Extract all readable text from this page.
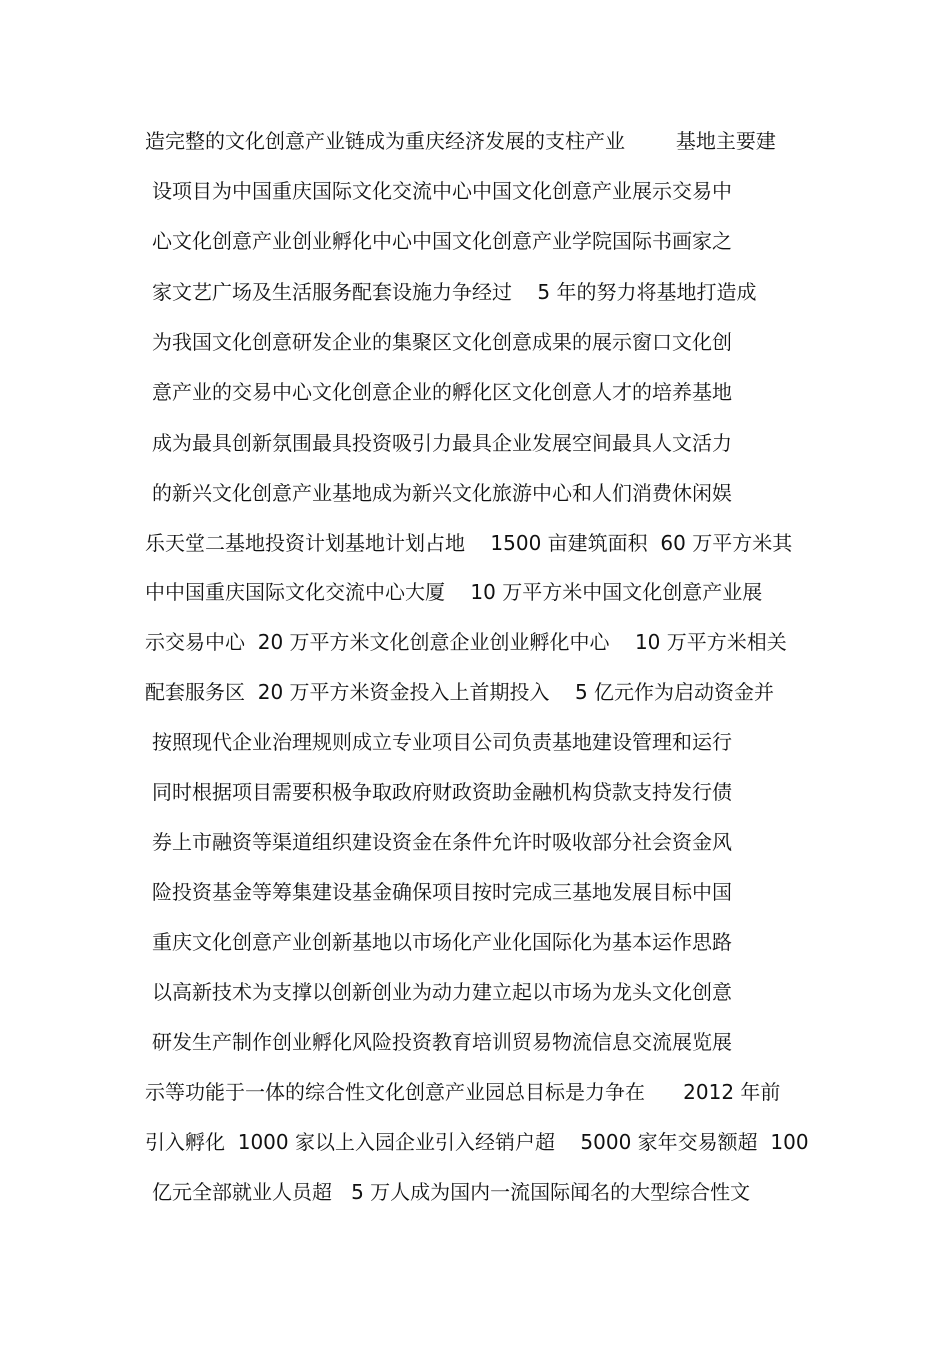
造完整的文化创意产业链成为重庆经济发展的支柱产业        基地主要建
设项目为中国重庆国际文化交流中心中国文化创意产业展示交易中
心文化创意产业创业孵化中心中国文化创意产业学院国际书画家之
家文艺广场及生活服务配套设施力争经过    5 年的努力将基地打造成
为我国文化创意研发企业的集聚区文化创意成果的展示窗口文化创
意产业的交易中心文化创意企业的孵化区文化创意人才的培养基地
成为最具创新氛围最具投资吸引力最具企业发展空间最具人文活力
的新兴文化创意产业基地成为新兴文化旅游中心和人们消费休闲娱
乐天堂二基地投资计划基地计划占地    1500 亩建筑面积  60 万平方米其
中中国重庆国际文化交流中心大厦    10 万平方米中国文化创意产业展
示交易中心  20 万平方米文化创意企业创业孵化中心    10 万平方米相关
配套服务区  20 万平方米资金投入上首期投入    5 亿元作为启动资金并
按照现代企业治理规则成立专业项目公司负责基地建设管理和运行
同时根据项目需要积极争取政府财政资助金融机构贷款支持发行债
券上市融资等渠道组织建设资金在条件允许时吸收部分社会资金风
险投资基金等筹集建设基金确保项目按时完成三基地发展目标中国
重庆文化创意产业创新基地以市场化产业化国际化为基本运作思路
以高新技术为支撑以创新创业为动力建立起以市场为龙头文化创意
研发生产制作创业孵化风险投资教育培训贸易物流信息交流展览展
示等功能于一体的综合性文化创意产业园总目标是力争在      2012 年前
引入孵化  1000 家以上入园企业引入经销户超    5000 家年交易额超  100
亿元全部就业人员超   5 万人成为国内一流国际闻名的大型综合性文
